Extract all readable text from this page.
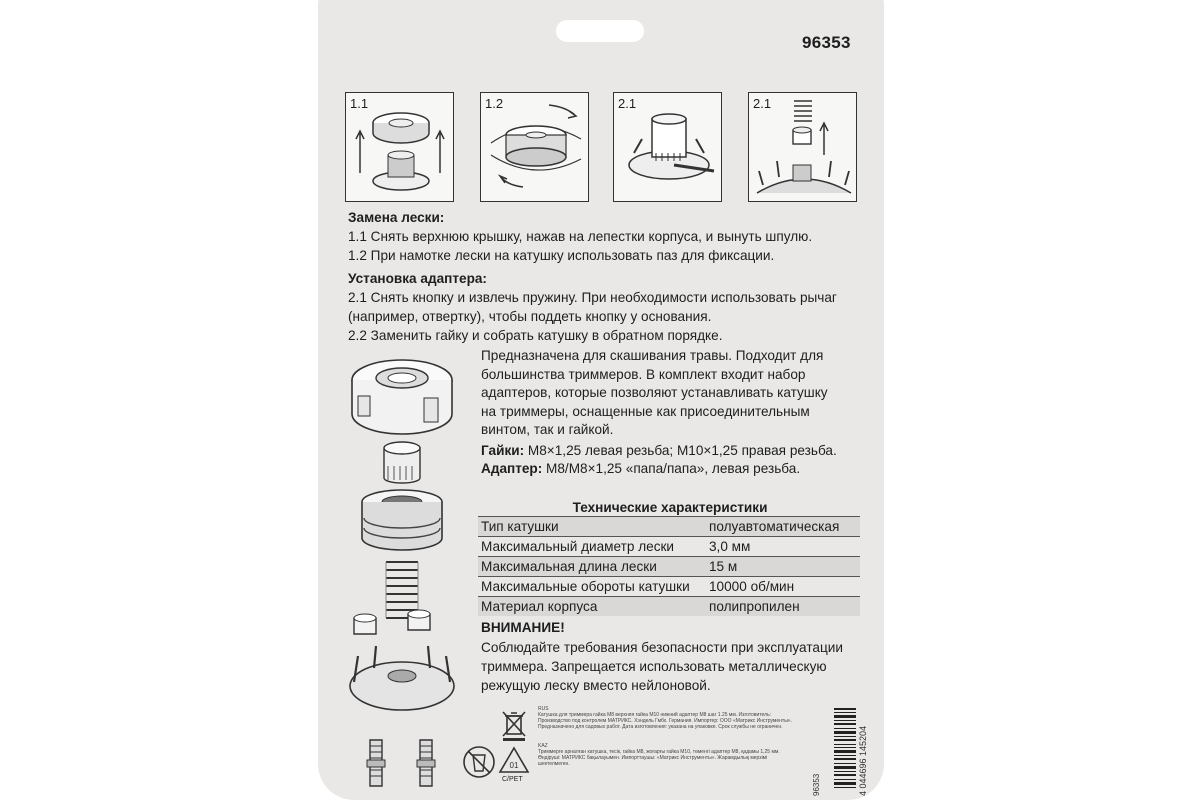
96353
1.1	1.2	2.1	2.1
Замена лески:
1.1 Снять верхнюю крышку, нажав на лепестки корпуса, и вынуть шпулю.
1.2 При намотке лески на катушку использовать паз для фиксации.
Установка адаптера:
2.1 Снять кнопку и извлечь пружину. При необходимости использовать рычаг
(например, отвертку), чтобы поддеть кнопку у основания.
2.2 Заменить гайку и собрать катушку в обратном порядке.
Предназначена для скашивания травы. Подходит для
большинства триммеров. В комплект входит набор
адаптеров, которые позволяют устанавливать катушку
на триммеры, оснащенные как присоединительным
винтом, так и гайкой.
Гайки: М8×1,25 левая резьба; М10×1,25 правая резьба.
Адаптер: М8/М8×1,25 «папа/папа», левая резьба.
Технические характеристики
Тип катушки	полуавтоматическая
Максимальный диаметр лески	3,0 мм
Максимальная длина лески	15 м
Максимальные обороты катушки	10000 об/мин
Материал корпуса	полипропилен
ВНИМАНИЕ!
Соблюдайте требования безопасности при эксплуатации
триммера. Запрещается использовать металлическую
режущую леску вместо нейлоновой.
01
C/PET
RUS
Катушка для триммера гайка М8 верхняя гайка М10 нижний адаптер М8 шаг 1.25 мм. Изготовитель: Производство под контролем МАТРИКС. Хэндель Гмбх. Германия. Импортер: ООО «Матрикс Инструменты». Предназначено для садовых работ. Дата изготовления: указана на упаковке. Срок службы не ограничен.
KAZ
Триммерге арналған катушка, тесік, гайка М8, жоғарғы гайка М10, төменгі адаптер М8, қадамы 1,25 мм. Өндіруші: МАТРИКС бақылауымен. Импорттаушы: «Матрикс Инструменты». Жарамдылық мерзімі шектелмеген.
96353	4 044696 145204
